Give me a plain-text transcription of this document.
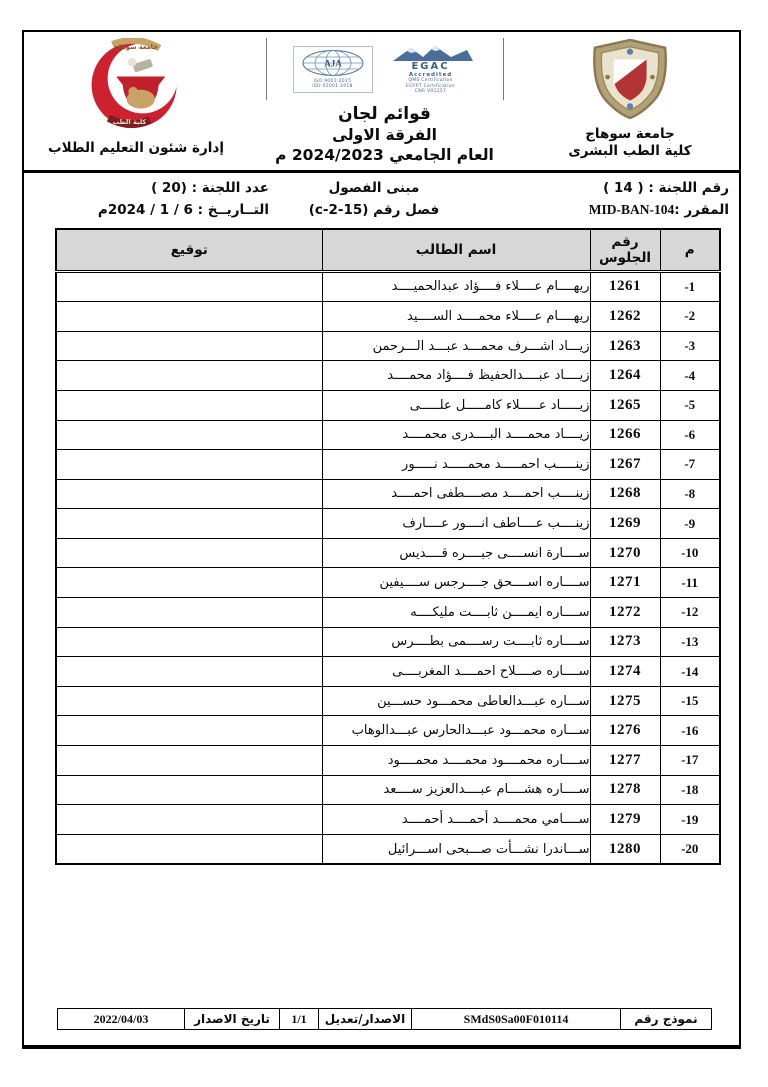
جامعة سوهاج
كلية الطب البشرى
EGAC
Accredited
QMS Certification
EGYPT Certification
CNR V01257
AJA
ISO 9001:2015
ISO 45001:2018
قوائم لجان
الفرقة الاولى
العام الجامعي 2024/2023 م
جامعة سوهاج
كلية الطب
إدارة شئون التعليم الطلاب
رقم اللجنة : ( 14 )
مبنى الفصول
عدد اللجنة : (20 )
المقرر :MID-BAN-104
فصل رقم (c-2-15)
التــاريــخ : 6 / 1 / 2024م
م	رقم الجلوس	اسم الطالب	توقيع
-1	1261	ريهــــام عــــلاء فــــؤاد عبدالحميــــد	
-2	1262	ريهــــام عــــلاء محمــــد الســــيد	
-3	1263	زيـــاد اشـــرف محمـــد عبـــد الـــرحمن	
-4	1264	زيــــاد عبــــدالحفيظ فــــؤاد محمــــد	
-5	1265	زيـــــاد عـــــلاء كامـــــل علـــــى	
-6	1266	زيــــاد محمــــد البــــدرى محمــــد	
-7	1267	زينـــــب احمـــــد محمـــــد نـــــور	
-8	1268	زينــــب احمــــد مصــــطفى احمــــد	
-9	1269	زينــــب عــــاطف انــــور عــــارف	
-10	1270	ســــارة انســــى جبــــره قــــديس	
-11	1271	ســــاره اســــحق جــــرجس ســــيفين	
-12	1272	ســــاره ايمــــن ثابــــت مليكــــه	
-13	1273	ســــاره ثابــــت رســــمى بطــــرس	
-14	1274	ســــاره صــــلاح احمــــد المغربــــى	
-15	1275	ســـاره عبـــدالعاطى محمـــود حســـين	
-16	1276	ســـاره محمـــود عبـــدالحارس عبـــدالوهاب	
-17	1277	ســــاره محمــــود محمــــد محمــــود	
-18	1278	ســــاره هشــــام عبــــدالعزيز ســــعد	
-19	1279	ســــامي محمــــد أحمــــد أحمــــد	
-20	1280	ســـاندرا نشـــأت صـــبحى اســـرائيل	
نموذج رقم	SMdS0Sa00F010114	الاصدار/تعديل	1/1	تاريخ الاصدار	2022/04/03
